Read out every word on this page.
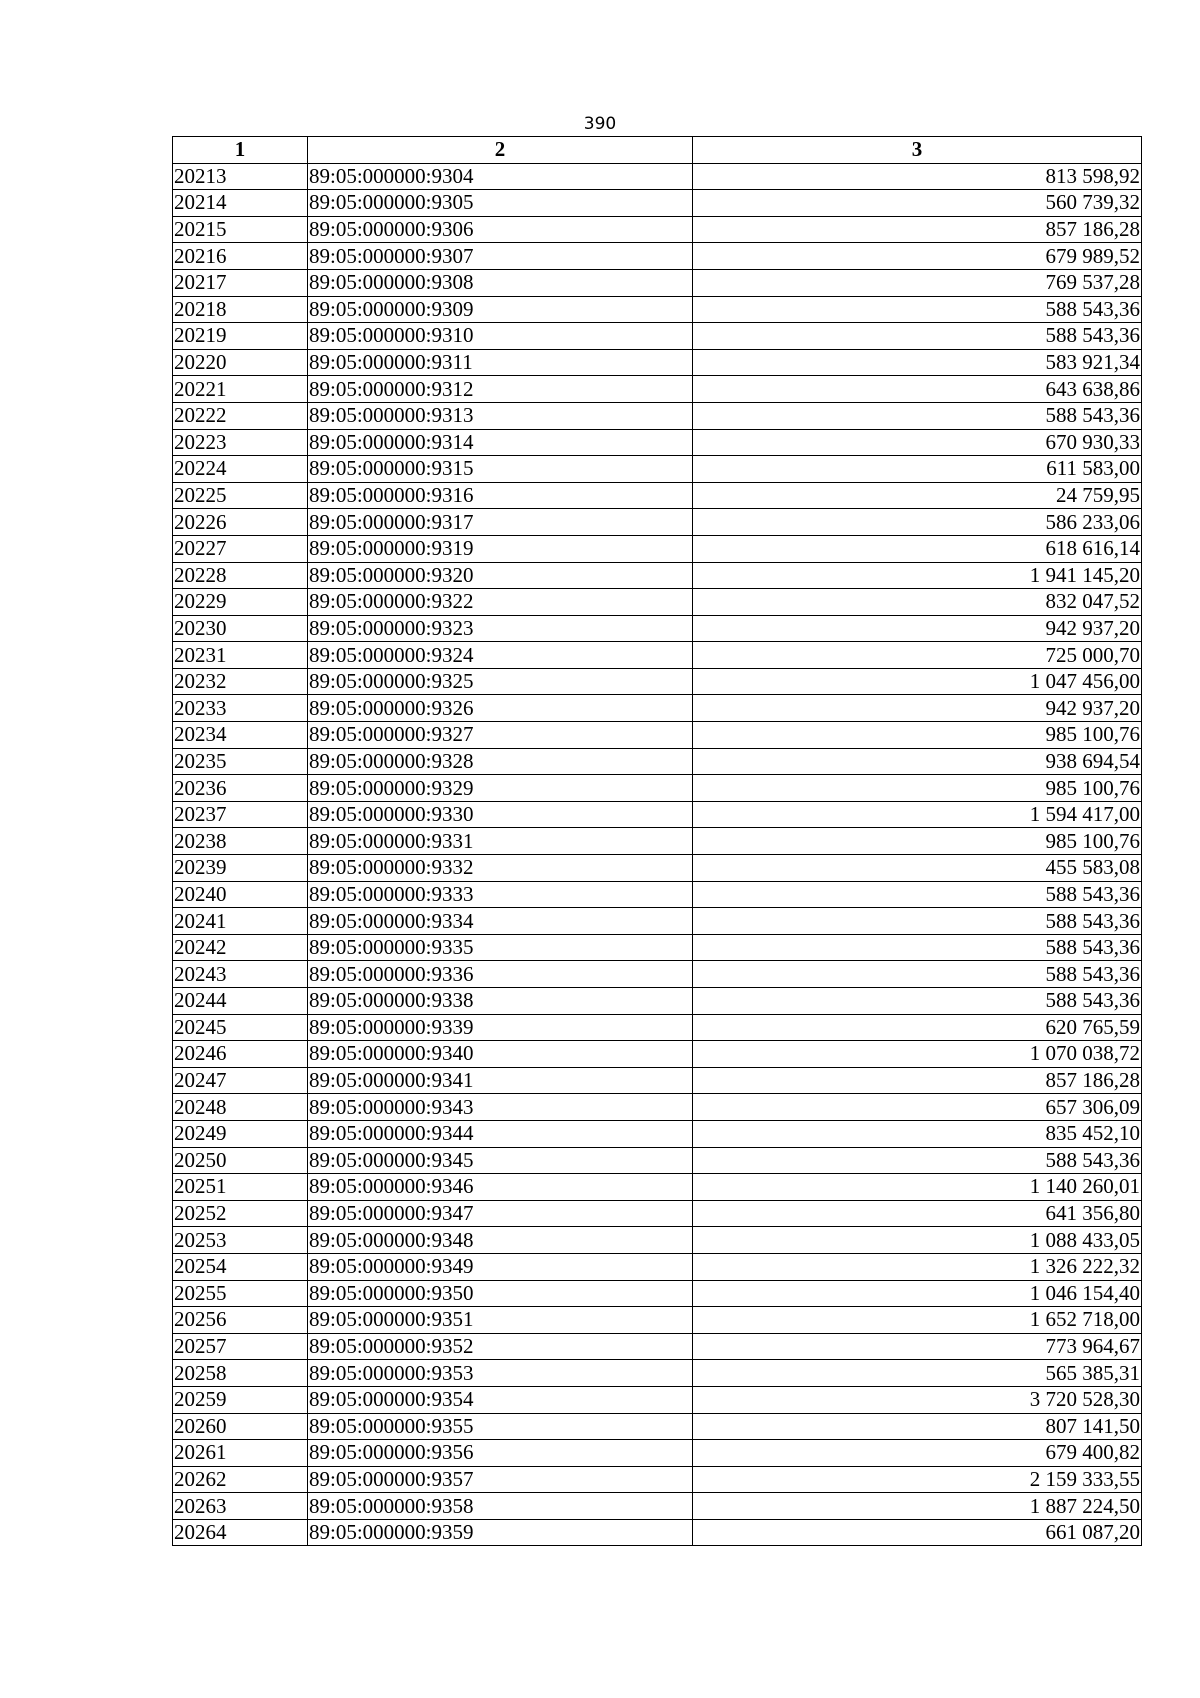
390
1	2	3
20213	89:05:000000:9304	813 598,92
20214	89:05:000000:9305	560 739,32
20215	89:05:000000:9306	857 186,28
20216	89:05:000000:9307	679 989,52
20217	89:05:000000:9308	769 537,28
20218	89:05:000000:9309	588 543,36
20219	89:05:000000:9310	588 543,36
20220	89:05:000000:9311	583 921,34
20221	89:05:000000:9312	643 638,86
20222	89:05:000000:9313	588 543,36
20223	89:05:000000:9314	670 930,33
20224	89:05:000000:9315	611 583,00
20225	89:05:000000:9316	24 759,95
20226	89:05:000000:9317	586 233,06
20227	89:05:000000:9319	618 616,14
20228	89:05:000000:9320	1 941 145,20
20229	89:05:000000:9322	832 047,52
20230	89:05:000000:9323	942 937,20
20231	89:05:000000:9324	725 000,70
20232	89:05:000000:9325	1 047 456,00
20233	89:05:000000:9326	942 937,20
20234	89:05:000000:9327	985 100,76
20235	89:05:000000:9328	938 694,54
20236	89:05:000000:9329	985 100,76
20237	89:05:000000:9330	1 594 417,00
20238	89:05:000000:9331	985 100,76
20239	89:05:000000:9332	455 583,08
20240	89:05:000000:9333	588 543,36
20241	89:05:000000:9334	588 543,36
20242	89:05:000000:9335	588 543,36
20243	89:05:000000:9336	588 543,36
20244	89:05:000000:9338	588 543,36
20245	89:05:000000:9339	620 765,59
20246	89:05:000000:9340	1 070 038,72
20247	89:05:000000:9341	857 186,28
20248	89:05:000000:9343	657 306,09
20249	89:05:000000:9344	835 452,10
20250	89:05:000000:9345	588 543,36
20251	89:05:000000:9346	1 140 260,01
20252	89:05:000000:9347	641 356,80
20253	89:05:000000:9348	1 088 433,05
20254	89:05:000000:9349	1 326 222,32
20255	89:05:000000:9350	1 046 154,40
20256	89:05:000000:9351	1 652 718,00
20257	89:05:000000:9352	773 964,67
20258	89:05:000000:9353	565 385,31
20259	89:05:000000:9354	3 720 528,30
20260	89:05:000000:9355	807 141,50
20261	89:05:000000:9356	679 400,82
20262	89:05:000000:9357	2 159 333,55
20263	89:05:000000:9358	1 887 224,50
20264	89:05:000000:9359	661 087,20
